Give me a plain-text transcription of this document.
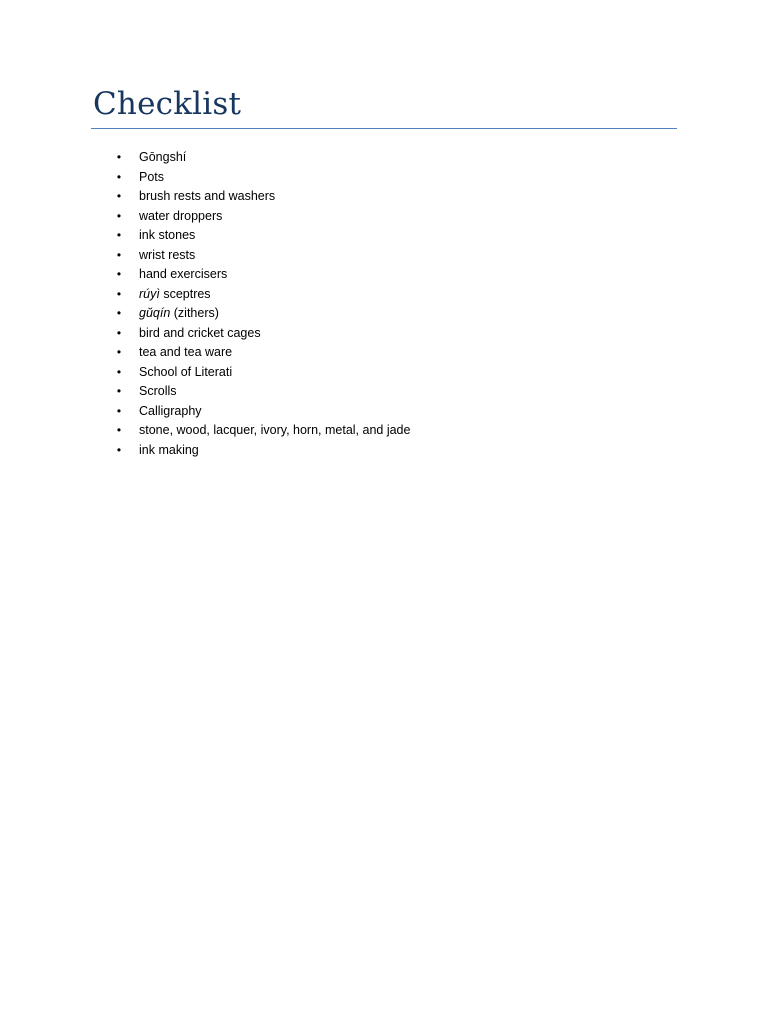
Checklist
• Gōngshí
• Pots
• brush rests and washers
• water droppers
• ink stones
• wrist rests
• hand exercisers
• rúyì sceptres
• gŭqín (zithers)
• bird and cricket cages
• tea and tea ware
• School of Literati
• Scrolls
• Calligraphy
• stone, wood, lacquer, ivory, horn, metal, and jade
• ink making
